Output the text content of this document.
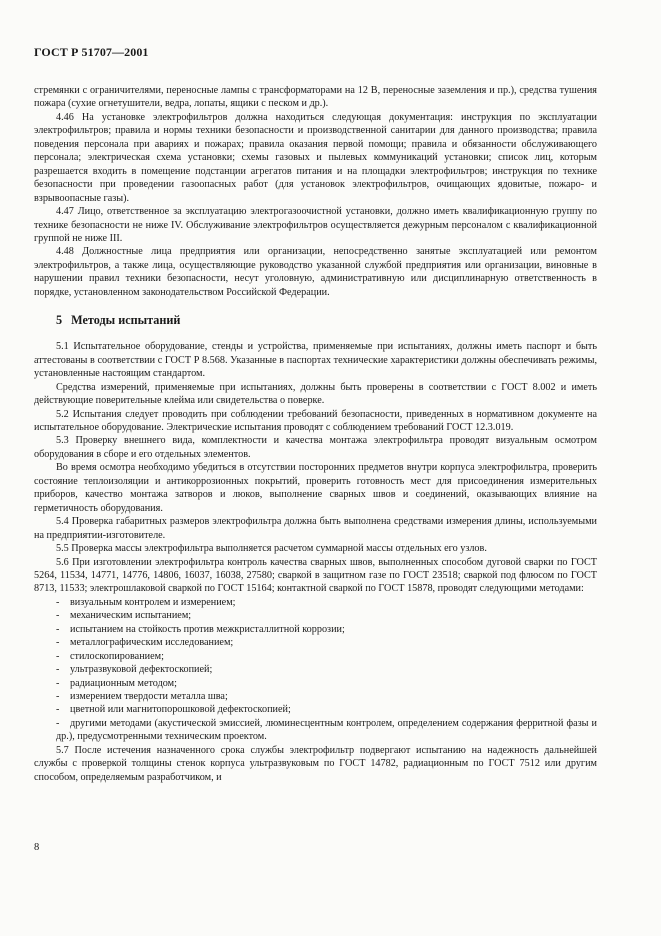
ГОСТ Р 51707—2001

стремянки с ограничителями, переносные лампы с трансформаторами на 12 В, переносные заземления и пр.), средства тушения пожара (сухие огнетушители, ведра, лопаты, ящики с песком и др.).

4.46 На установке электрофильтров должна находиться следующая документация: инструкция по эксплуатации электрофильтров; правила и нормы техники безопасности и производственной санитарии для данного производства; правила поведения персонала при авариях и пожарах; правила оказания первой помощи; правила и обязанности обслуживающего персонала; электрическая схема установки; схемы газовых и пылевых коммуникаций установки; список лиц, которым разрешается входить в помещение подстанции агрегатов питания и на площадки электрофильтров; инструкция по технике безопасности при проведении газоопасных работ (для установок электрофильтров, очищающих ядовитые, пожаро- и взрывоопасные газы).

4.47 Лицо, ответственное за эксплуатацию электрогазоочистной установки, должно иметь квалификационную группу по технике безопасности не ниже IV. Обслуживание электрофильтров осуществляется дежурным персоналом с квалификационной группой не ниже III.

4.48 Должностные лица предприятия или организации, непосредственно занятые эксплуатацией или ремонтом электрофильтров, а также лица, осуществляющие руководство указанной службой предприятия или организации, виновные в нарушении правил техники безопасности, несут уголовную, административную или дисциплинарную ответственность в порядке, установленном законодательством Российской Федерации.

5 Методы испытаний

5.1 Испытательное оборудование, стенды и устройства, применяемые при испытаниях, должны иметь паспорт и быть аттестованы в соответствии с ГОСТ Р 8.568. Указанные в паспортах технические характеристики должны обеспечивать режимы, установленные настоящим стандартом.

Средства измерений, применяемые при испытаниях, должны быть проверены в соответствии с ГОСТ 8.002 и иметь действующие поверительные клейма или свидетельства о поверке.

5.2 Испытания следует проводить при соблюдении требований безопасности, приведенных в нормативном документе на испытательное оборудование. Электрические испытания проводят с соблюдением требований ГОСТ 12.3.019.

5.3 Проверку внешнего вида, комплектности и качества монтажа электрофильтра проводят визуальным осмотром оборудования в сборе и его отдельных элементов.

Во время осмотра необходимо убедиться в отсутствии посторонних предметов внутри корпуса электрофильтра, проверить состояние теплоизоляции и антикоррозионных покрытий, проверить готовность мест для присоединения измерительных приборов, качество монтажа затворов и люков, выполнение сварных швов и соединений, оказывающих влияние на герметичность оборудования.

5.4 Проверка габаритных размеров электрофильтра должна быть выполнена средствами измерения длины, используемыми на предприятии-изготовителе.

5.5 Проверка массы электрофильтра выполняется расчетом суммарной массы отдельных его узлов.

5.6 При изготовлении электрофильтра контроль качества сварных швов, выполненных способом дуговой сварки по ГОСТ 5264, 11534, 14771, 14776, 14806, 16037, 16038, 27580; сваркой в защитном газе по ГОСТ 23518; сваркой под флюсом по ГОСТ 8713, 11533; электрошлаковой сваркой по ГОСТ 15164; контактной сваркой по ГОСТ 15878, проводят следующими методами:

- визуальным контролем и измерением;
- механическим испытанием;
- испытанием на стойкость против межкристаллитной коррозии;
- металлографическим исследованием;
- стилоскопированием;
- ультразвуковой дефектоскопией;
- радиационным методом;
- измерением твердости металла шва;
- цветной или магнитопорошковой дефектоскопией;
- другими методами (акустической эмиссией, люминесцентным контролем, определением содержания ферритной фазы и др.), предусмотренными техническим проектом.

5.7 После истечения назначенного срока службы электрофильтр подвергают испытанию на надежность дальнейшей службы с проверкой толщины стенок корпуса ультразвуковым по ГОСТ 14782, радиационным по ГОСТ 7512 или другим способом, определяемым разработчиком, и

8
